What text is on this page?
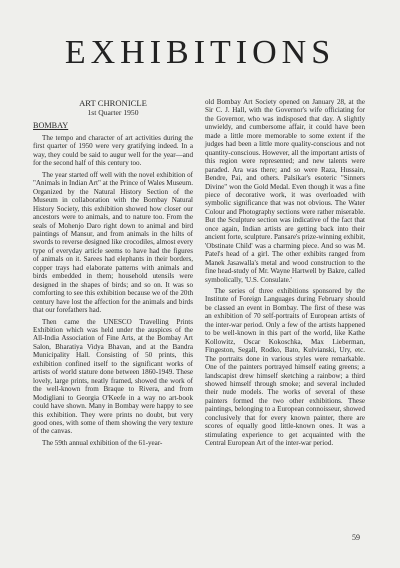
EXHIBITIONS
ART CHRONICLE
1st Quarter 1950
BOMBAY

The tempo and character of art activities during the first quarter of 1950 were very gratifying indeed. In a way, they could be said to augur well for the year—and for the second half of this century too.

The year started off well with the novel exhibition of "Animals in Indian Art" at the Prince of Wales Museum. Organized by the Natural History Section of the Museum in collaboration with the Bombay Natural History Society, this exhibition showed how closer our ancestors were to animals, and to nature too. From the seals of Mohenjo Daro right down to animal and bird paintings of Mansur, and from animals in the hilts of swords to reverse designed like crocodiles, almost every type of everyday article seems to have had the figures of animals on it. Sarees had elephants in their borders, copper trays had elaborate patterns with animals and birds embedded in them; household utensils were designed in the shapes of birds; and so on. It was so comforting to see this exhibition because we of the 20th century have lost the affection for the animals and birds that our forefathers had.

Then came the UNESCO Travelling Prints Exhibition which was held under the auspices of the All-India Association of Fine Arts, at the Bombay Art Salon, Bharatiya Vidya Bhavan, and at the Bandra Municipality Hall. Consisting of 50 prints, this exhibition confined itself to the significant works of artists of world stature done between 1860-1949. These lovely, large prints, neatly framed, showed the work of the well-known from Braque to Rivera, and from Modigliani to Georgia O'Keefe in a way no art-book could have shown. Many in Bombay were happy to see this exhibition. They were prints no doubt, but very good ones, with some of them showing the very texture of the canvas.

The 59th annual exhibition of the 61-year-

old Bombay Art Society opened on January 28, at the Sir C. J. Hall, with the Governor's wife officiating for the Governor, who was indisposed that day. A slightly unwieldy, and cumbersome affair, it could have been made a little more memorable to some extent if the judges had been a little more quality-conscious and not quantity-conscious. However, all the important artists of this region were represented; and new talents were paraded. Ara was there; and so were Raza, Hussain, Bendre, Pai, and others. Palsikar's esoteric "Sinners Divine" won the Gold Medal. Even though it was a fine piece of decorative work, it was overloaded with symbolic significance that was not obvious. The Water Colour and Photography sections were rather miserable. But the Sculpture section was indicative of the fact that once again, Indian artists are getting back into their ancient forte, sculpture. Pansare's prize-winning exhibit, 'Obstinate Child' was a charming piece. And so was M. Patel's head of a girl. The other exhibits ranged from Manek Jasawalla's metal and wood construction to the fine head-study of Mr. Wayne Hartwell by Bakre, called symbolically, 'U.S. Consulate.'

The series of three exhibitions sponsored by the Institute of Foreign Languages during February should be classed an event in Bombay. The first of these was an exhibition of 70 self-portraits of European artists of the inter-war period. Only a few of the artists happened to be well-known in this part of the world, like Kathe Kollowitz, Oscar Kokoschka, Max Lieberman, Fingeston, Segall, Rodko, Bato, Kulvianski, Ury, etc. The portraits done in various styles were remarkable. One of the painters portrayed himself eating greens; a landscapist drew himself sketching a rainbow; a third showed himself through smoke; and several included their nude models. The works of several of these painters formed the two other exhibitions. These paintings, belonging to a European connoisseur, showed conclusively that for every known painter, there are scores of equally good little-known ones. It was a stimulating experience to get acquainted with the Central European Art of the inter-war period.

59
